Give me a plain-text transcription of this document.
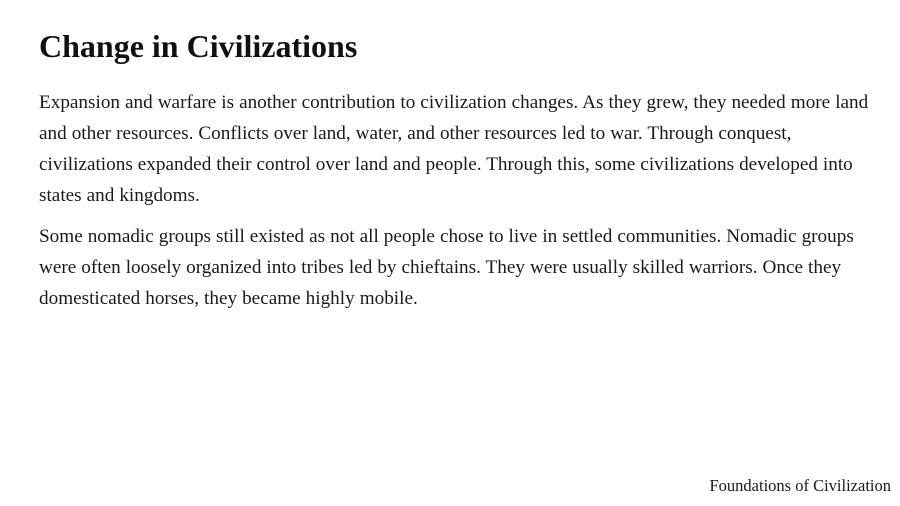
Change in Civilizations

Expansion and warfare is another contribution to civilization changes. As they grew, they needed more land and other resources. Conflicts over land, water, and other resources led to war. Through conquest, civilizations expanded their control over land and people. Through this, some civilizations developed into states and kingdoms.

Some nomadic groups still existed as not all people chose to live in settled communities. Nomadic groups were often loosely organized into tribes led by chieftains. They were usually skilled warriors. Once they domesticated horses, they became highly mobile.

Foundations of Civilization
